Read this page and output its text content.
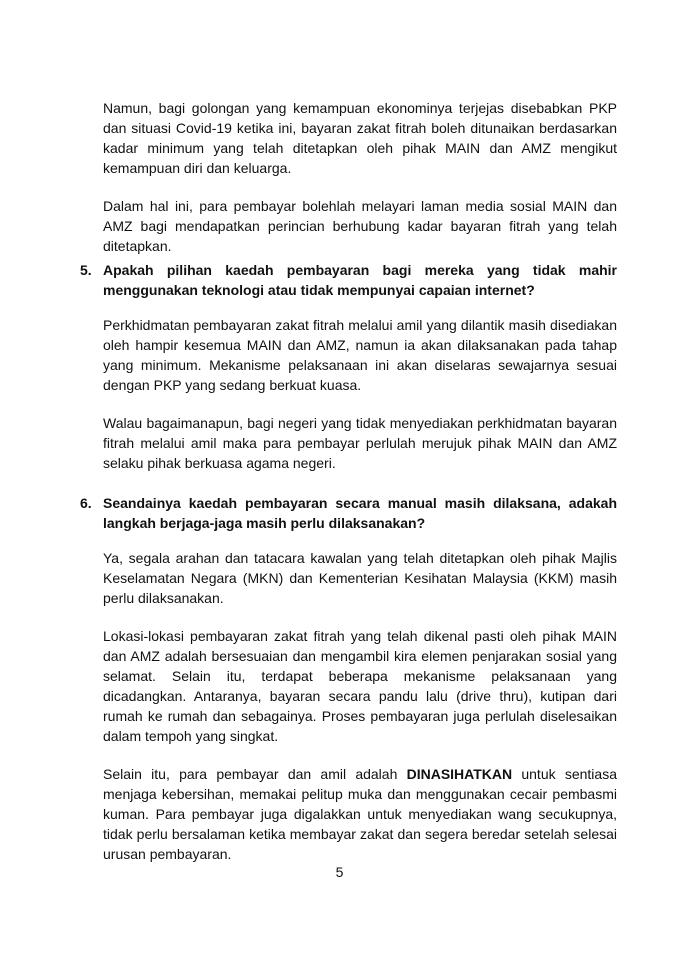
Namun, bagi golongan yang kemampuan ekonominya terjejas disebabkan PKP dan situasi Covid-19 ketika ini, bayaran zakat fitrah boleh ditunaikan berdasarkan kadar minimum yang telah ditetapkan oleh pihak MAIN dan AMZ mengikut kemampuan diri dan keluarga.

Dalam hal ini, para pembayar bolehlah melayari laman media sosial MAIN dan AMZ bagi mendapatkan perincian berhubung kadar bayaran fitrah yang telah ditetapkan.

5. Apakah pilihan kaedah pembayaran bagi mereka yang tidak mahir menggunakan teknologi atau tidak mempunyai capaian internet?

Perkhidmatan pembayaran zakat fitrah melalui amil yang dilantik masih disediakan oleh hampir kesemua MAIN dan AMZ, namun ia akan dilaksanakan pada tahap yang minimum. Mekanisme pelaksanaan ini akan diselaras sewajarnya sesuai dengan PKP yang sedang berkuat kuasa.

Walau bagaimanapun, bagi negeri yang tidak menyediakan perkhidmatan bayaran fitrah melalui amil maka para pembayar perlulah merujuk pihak MAIN dan AMZ selaku pihak berkuasa agama negeri.

6. Seandainya kaedah pembayaran secara manual masih dilaksana, adakah langkah berjaga-jaga masih perlu dilaksanakan?

Ya, segala arahan dan tatacara kawalan yang telah ditetapkan oleh pihak Majlis Keselamatan Negara (MKN) dan Kementerian Kesihatan Malaysia (KKM) masih perlu dilaksanakan.

Lokasi-lokasi pembayaran zakat fitrah yang telah dikenal pasti oleh pihak MAIN dan AMZ adalah bersesuaian dan mengambil kira elemen penjarakan sosial yang selamat. Selain itu, terdapat beberapa mekanisme pelaksanaan yang dicadangkan. Antaranya, bayaran secara pandu lalu (drive thru), kutipan dari rumah ke rumah dan sebagainya. Proses pembayaran juga perlulah diselesaikan dalam tempoh yang singkat.

Selain itu, para pembayar dan amil adalah DINASIHATKAN untuk sentiasa menjaga kebersihan, memakai pelitup muka dan menggunakan cecair pembasmi kuman. Para pembayar juga digalakkan untuk menyediakan wang secukupnya, tidak perlu bersalaman ketika membayar zakat dan segera beredar setelah selesai urusan pembayaran.

5
